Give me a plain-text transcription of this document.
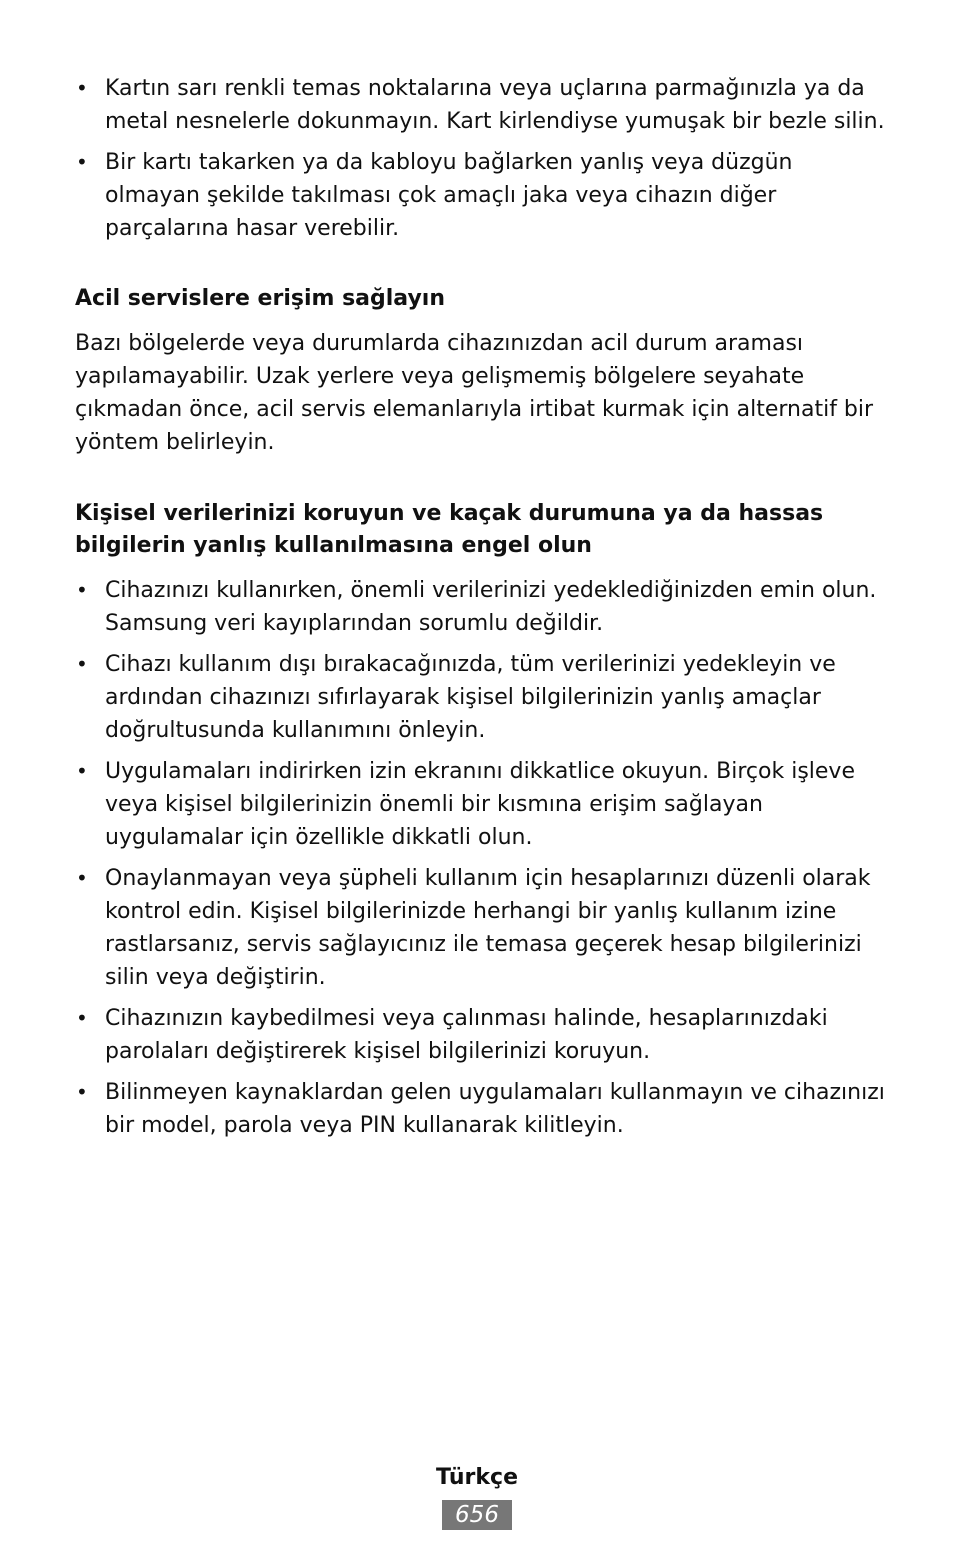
• Kartın sarı renkli temas noktalarına veya uçlarına parmağınızla ya da metal nesnelerle dokunmayın. Kart kirlendiyse yumuşak bir bezle silin.
• Bir kartı takarken ya da kabloyu bağlarken yanlış veya düzgün olmayan şekilde takılması çok amaçlı jaka veya cihazın diğer parçalarına hasar verebilir.
Acil servislere erişim sağlayın

Bazı bölgelerde veya durumlarda cihazınızdan acil durum araması yapılamayabilir. Uzak yerlere veya gelişmemiş bölgelere seyahate çıkmadan önce, acil servis elemanlarıyla irtibat kurmak için alternatif bir yöntem belirleyin.

Kişisel verilerinizi koruyun ve kaçak durumuna ya da hassas bilgilerin yanlış kullanılmasına engel olun
• Cihazınızı kullanırken, önemli verilerinizi yedeklediğinizden emin olun. Samsung veri kayıplarından sorumlu değildir.
• Cihazı kullanım dışı bırakacağınızda, tüm verilerinizi yedekleyin ve ardından cihazınızı sıfırlayarak kişisel bilgilerinizin yanlış amaçlar doğrultusunda kullanımını önleyin.
• Uygulamaları indirirken izin ekranını dikkatlice okuyun. Birçok işleve veya kişisel bilgilerinizin önemli bir kısmına erişim sağlayan uygulamalar için özellikle dikkatli olun.
• Onaylanmayan veya şüpheli kullanım için hesaplarınızı düzenli olarak kontrol edin. Kişisel bilgilerinizde herhangi bir yanlış kullanım izine rastlarsanız, servis sağlayıcınız ile temasa geçerek hesap bilgilerinizi silin veya değiştirin.
• Cihazınızın kaybedilmesi veya çalınması halinde, hesaplarınızdaki parolaları değiştirerek kişisel bilgilerinizi koruyun.
• Bilinmeyen kaynaklardan gelen uygulamaları kullanmayın ve cihazınızı bir model, parola veya PIN kullanarak kilitleyin.
Türkçe
656
